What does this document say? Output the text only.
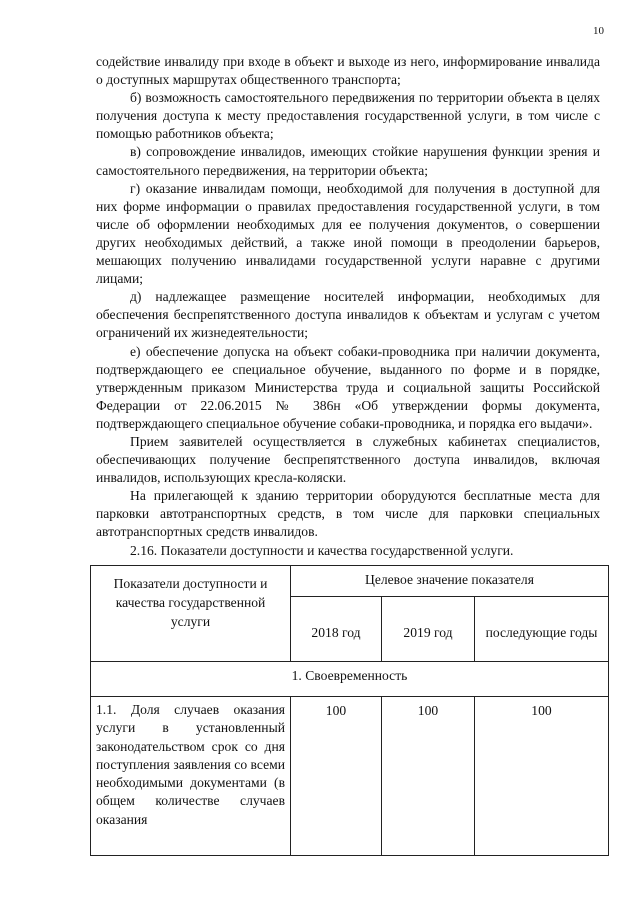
10

содействие инвалиду при входе в объект и выходе из него, информирование инвалида о доступных маршрутах общественного транспорта;

б) возможность самостоятельного передвижения по территории объекта в целях получения доступа к месту предоставления государственной услуги, в том числе с помощью работников объекта;

в) сопровождение инвалидов, имеющих стойкие нарушения функции зрения и самостоятельного передвижения, на территории объекта;

г) оказание инвалидам помощи, необходимой для получения в доступной для них форме информации о правилах предоставления государственной услуги, в том числе об оформлении необходимых для ее получения документов, о совершении других необходимых действий, а также иной помощи в преодолении барьеров, мешающих получению инвалидами государственной услуги наравне с другими лицами;

д) надлежащее размещение носителей информации, необходимых для обеспечения беспрепятственного доступа инвалидов к объектам и услугам с учетом ограничений их жизнедеятельности;

е) обеспечение допуска на объект собаки-проводника при наличии документа, подтверждающего ее специальное обучение, выданного по форме и в порядке, утвержденным приказом Министерства труда и социальной защиты Российской Федерации от 22.06.2015 № 386н «Об утверждении формы документа, подтверждающего специальное обучение собаки-проводника, и порядка его выдачи».

Прием заявителей осуществляется в служебных кабинетах специалистов, обеспечивающих получение беспрепятственного доступа инвалидов, включая инвалидов, использующих кресла-коляски.

На прилегающей к зданию территории оборудуются бесплатные места для парковки автотранспортных средств, в том числе для парковки специальных автотранспортных средств инвалидов.

2.16. Показатели доступности и качества государственной услуги.

Показатели доступности и качества государственной услуги	Целевое значение показателя		
	2018 год	2019 год	последующие годы
1. Своевременность			
1.1. Доля случаев оказания услуги в установленный законодательством срок со дня поступления заявления со всеми необходимыми документами (в общем количестве случаев оказания	100	100	100
